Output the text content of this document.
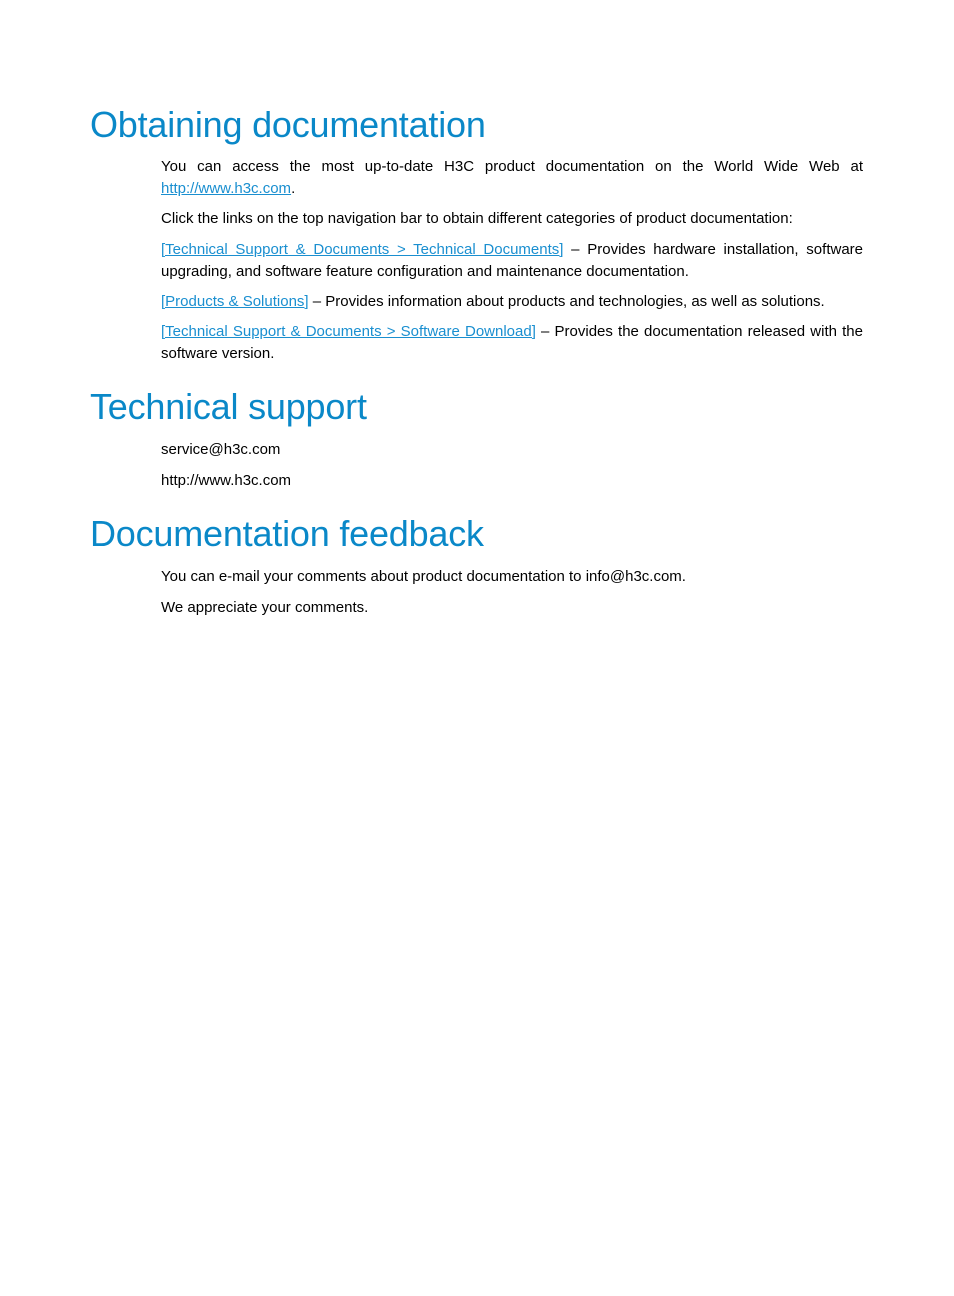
Obtaining documentation

You can access the most up-to-date H3C product documentation on the World Wide Web at http://www.h3c.com.

Click the links on the top navigation bar to obtain different categories of product documentation:

[Technical Support & Documents > Technical Documents] – Provides hardware installation, software upgrading, and software feature configuration and maintenance documentation.

[Products & Solutions] – Provides information about products and technologies, as well as solutions.

[Technical Support & Documents > Software Download] – Provides the documentation released with the software version.

Technical support

service@h3c.com

http://www.h3c.com

Documentation feedback

You can e-mail your comments about product documentation to info@h3c.com.

We appreciate your comments.
